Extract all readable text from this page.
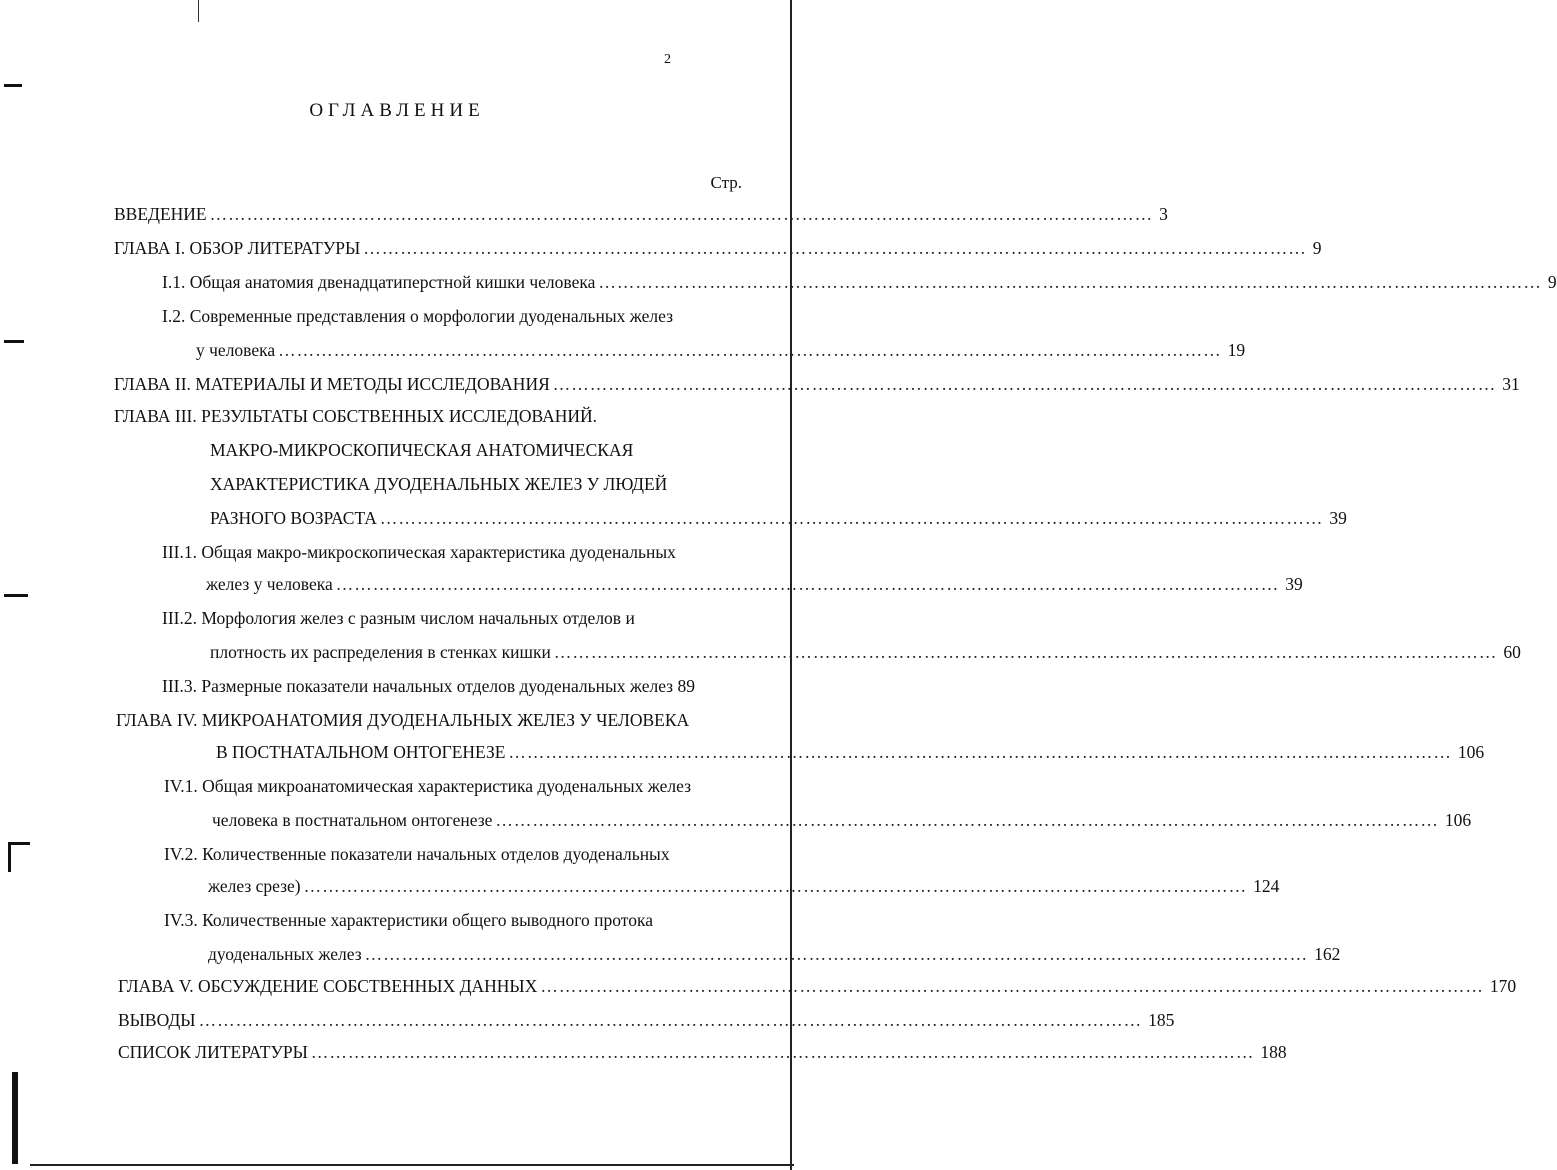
2
ОГЛАВЛЕНИЕ
Стр.
ВВЕДЕНИЕ ……………………………………………………………………………………………………………………………………… 3
ГЛАВА I. ОБЗОР ЛИТЕРАТУРЫ ……………………………………………………………………………………………………………………………………… 9
I.1. Общая анатомия двенадцатиперстной кишки человека ……………………………………………………………………………………………………………………………………… 9
I.2. Современные представления о морфологии дуоденальных желез
у человека ……………………………………………………………………………………………………………………………………… 19
ГЛАВА II. МАТЕРИАЛЫ И МЕТОДЫ ИССЛЕДОВАНИЯ ……………………………………………………………………………………………………………………………………… 31
ГЛАВА III. РЕЗУЛЬТАТЫ СОБСТВЕННЫХ ИССЛЕДОВАНИЙ.
МАКРО-МИКРОСКОПИЧЕСКАЯ АНАТОМИЧЕСКАЯ
ХАРАКТЕРИСТИКА ДУОДЕНАЛЬНЫХ ЖЕЛЕЗ У ЛЮДЕЙ
РАЗНОГО ВОЗРАСТА ……………………………………………………………………………………………………………………………………… 39
III.1. Общая макро-микроскопическая характеристика дуоденальных
желез у человека ……………………………………………………………………………………………………………………………………… 39
III.2. Морфология желез с разным числом начальных отделов и
плотность их распределения в стенках кишки ……………………………………………………………………………………………………………………………………… 60
III.3. Размерные показатели начальных отделов дуоденальных желез 89
ГЛАВА IV. МИКРОАНАТОМИЯ ДУОДЕНАЛЬНЫХ ЖЕЛЕЗ У ЧЕЛОВЕКА
В ПОСТНАТАЛЬНОМ ОНТОГЕНЕЗЕ ……………………………………………………………………………………………………………………………………… 106
IV.1. Общая микроанатомическая характеристика дуоденальных желез
человека в постнатальном онтогенезе ……………………………………………………………………………………………………………………………………… 106
IV.2. Количественные показатели начальных отделов дуоденальных
желез срезе) ……………………………………………………………………………………………………………………………………… 124
IV.3. Количественные характеристики общего выводного протока
дуоденальных желез ……………………………………………………………………………………………………………………………………… 162
ГЛАВА V. ОБСУЖДЕНИЕ СОБСТВЕННЫХ ДАННЫХ ……………………………………………………………………………………………………………………………………… 170
ВЫВОДЫ ……………………………………………………………………………………………………………………………………… 185
СПИСОК ЛИТЕРАТУРЫ ……………………………………………………………………………………………………………………………………… 188
